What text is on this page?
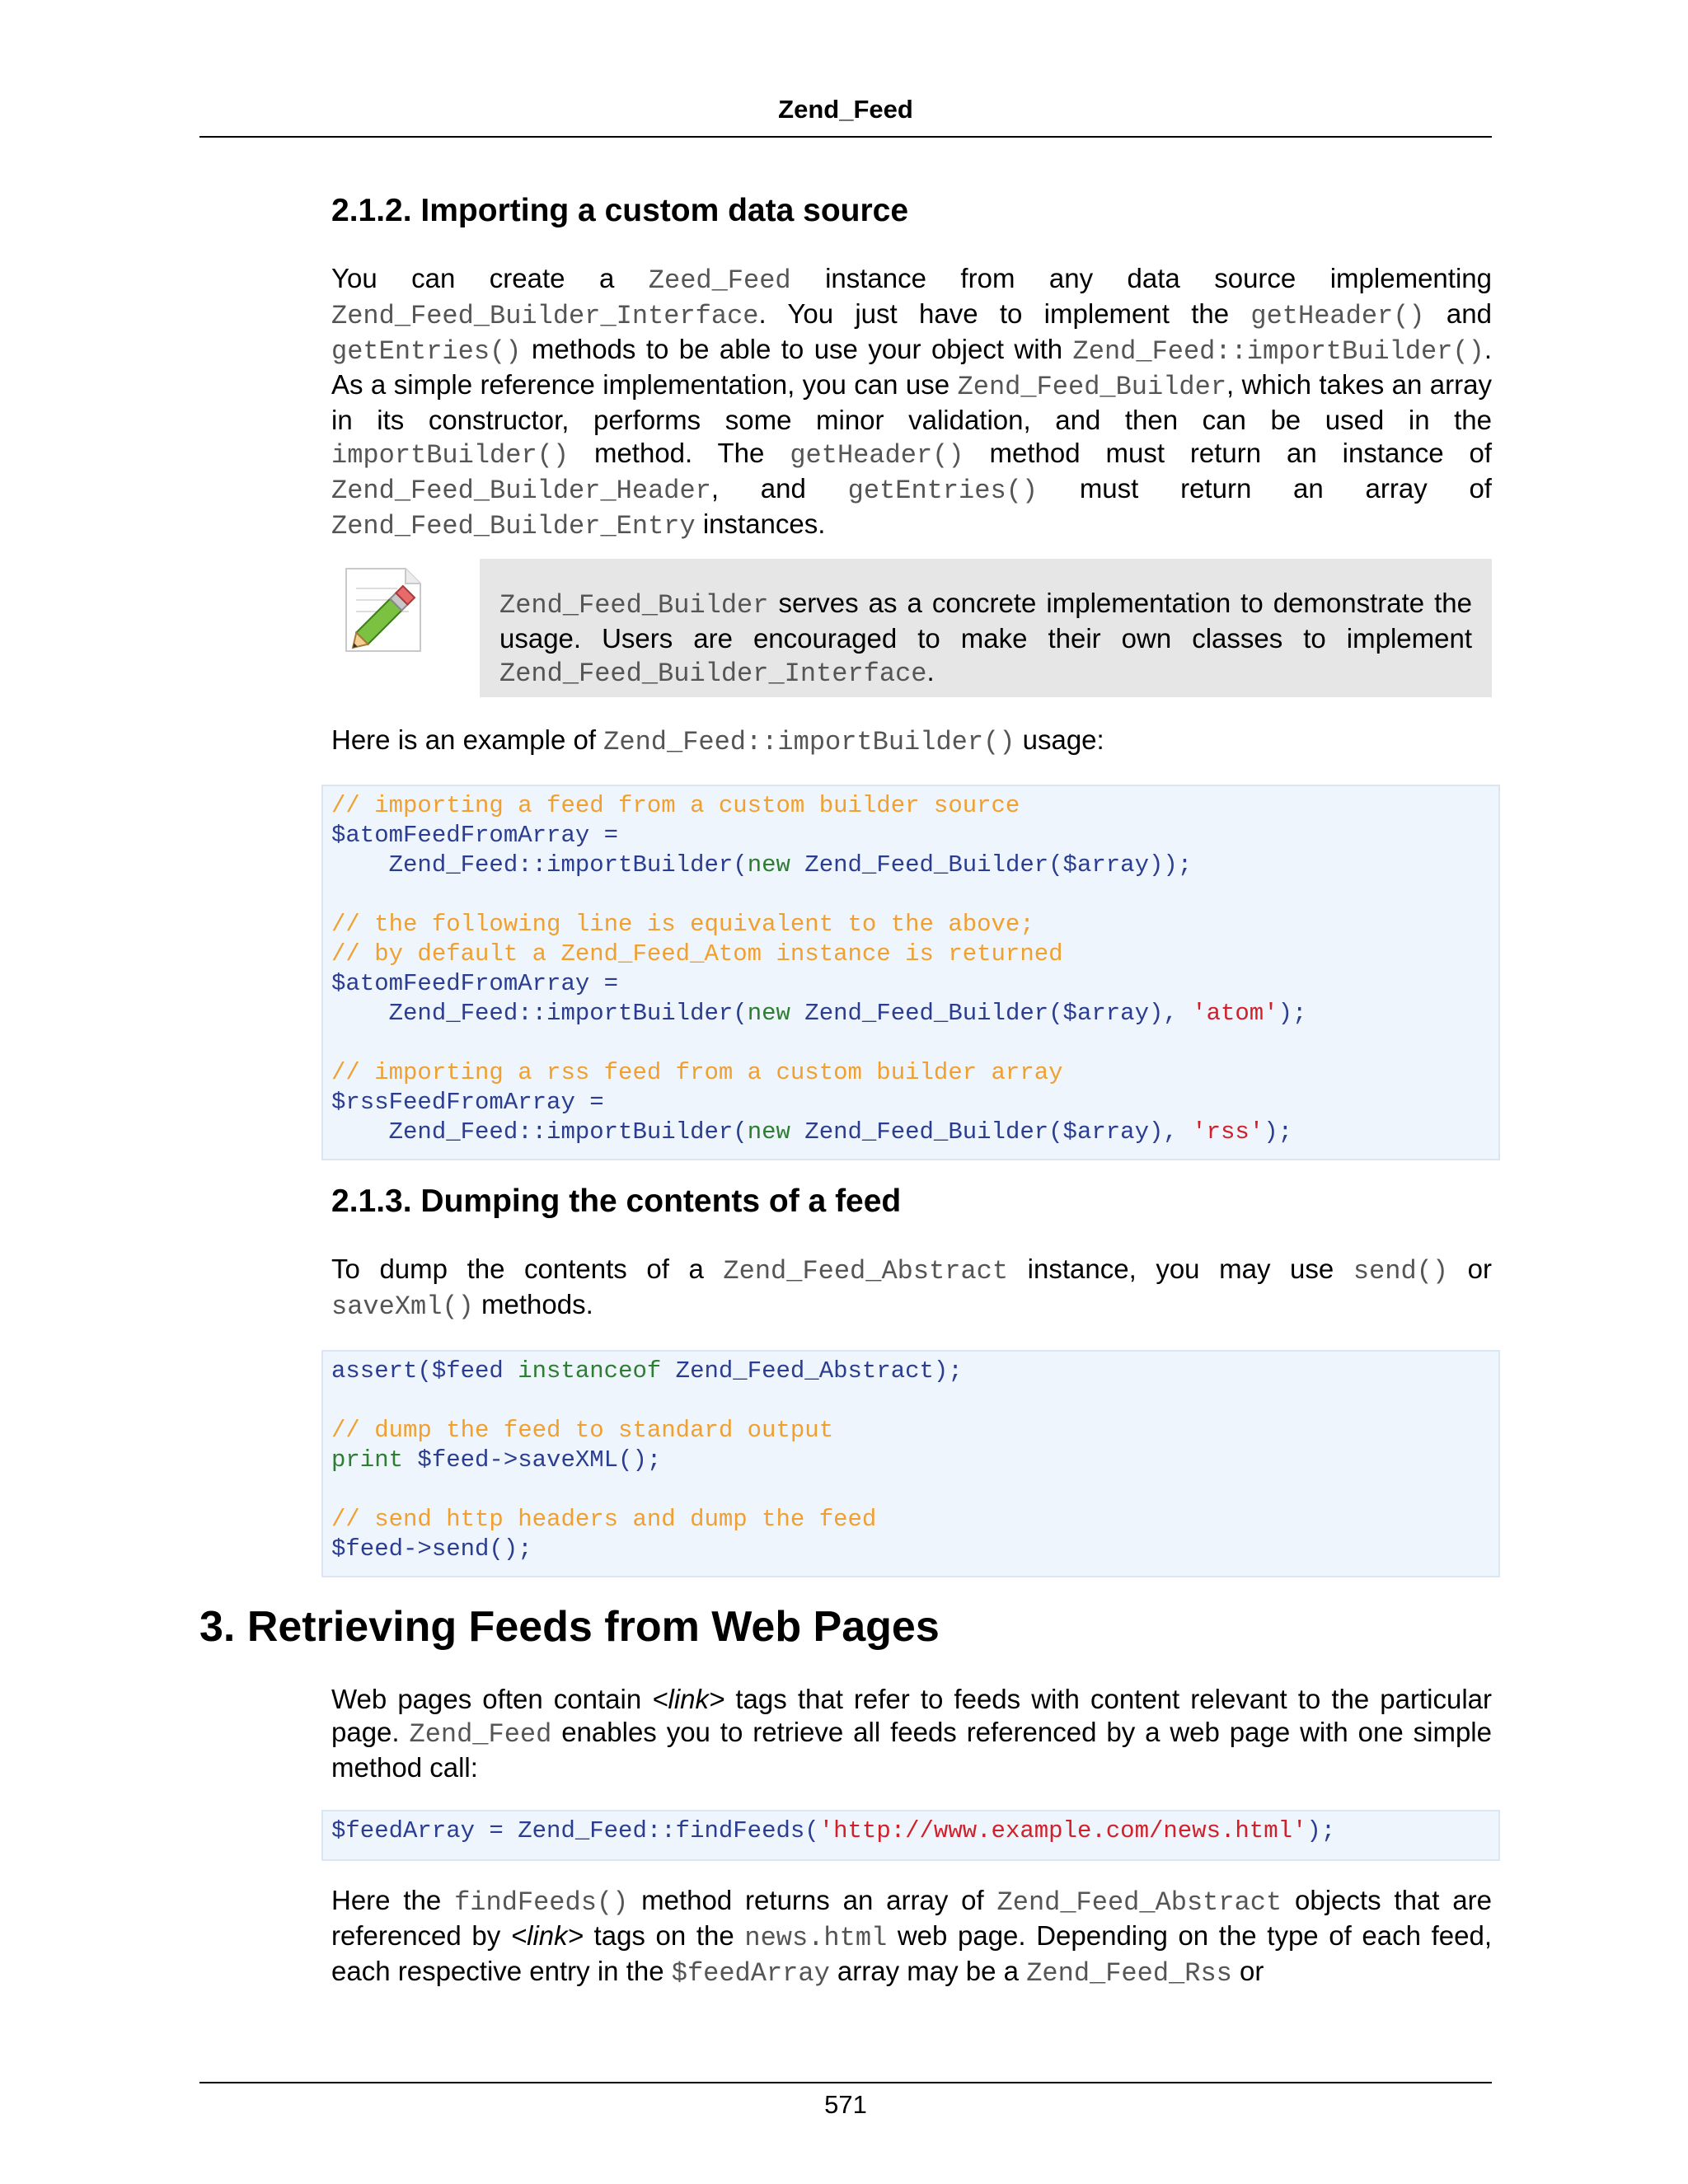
Zend_Feed
2.1.2. Importing a custom data source

You can create a Zeed_Feed instance from any data source implementing Zend_Feed_Builder_Interface. You just have to implement the getHeader() and getEntries() methods to be able to use your object with Zend_Feed::importBuilder(). As a simple reference implementation, you can use Zend_Feed_Builder, which takes an array in its constructor, performs some minor validation, and then can be used in the importBuilder() method. The getHeader() method must return an instance of Zend_Feed_Builder_Header, and getEntries() must return an array of Zend_Feed_Builder_Entry instances.

Zend_Feed_Builder serves as a concrete implementation to demonstrate the usage. Users are encouraged to make their own classes to implement Zend_Feed_Builder_Interface.

Here is an example of Zend_Feed::importBuilder() usage:

// importing a feed from a custom builder source
$atomFeedFromArray =
Zend_Feed::importBuilder(new Zend_Feed_Builder($array));

// the following line is equivalent to the above;
// by default a Zend_Feed_Atom instance is returned
$atomFeedFromArray =
Zend_Feed::importBuilder(new Zend_Feed_Builder($array), 'atom');

// importing a rss feed from a custom builder array
$rssFeedFromArray =
Zend_Feed::importBuilder(new Zend_Feed_Builder($array), 'rss');
2.1.3. Dumping the contents of a feed

To dump the contents of a Zend_Feed_Abstract instance, you may use send() or saveXml() methods.

assert($feed instanceof Zend_Feed_Abstract);

// dump the feed to standard output
print $feed->saveXML();

// send http headers and dump the feed
$feed->send();
3. Retrieving Feeds from Web Pages

Web pages often contain <link> tags that refer to feeds with content relevant to the particular page. Zend_Feed enables you to retrieve all feeds referenced by a web page with one simple method call:

$feedArray = Zend_Feed::findFeeds('http://www.example.com/news.html');

Here the findFeeds() method returns an array of Zend_Feed_Abstract objects that are referenced by <link> tags on the news.html web page. Depending on the type of each feed, each respective entry in the $feedArray array may be a Zend_Feed_Rss or

571
